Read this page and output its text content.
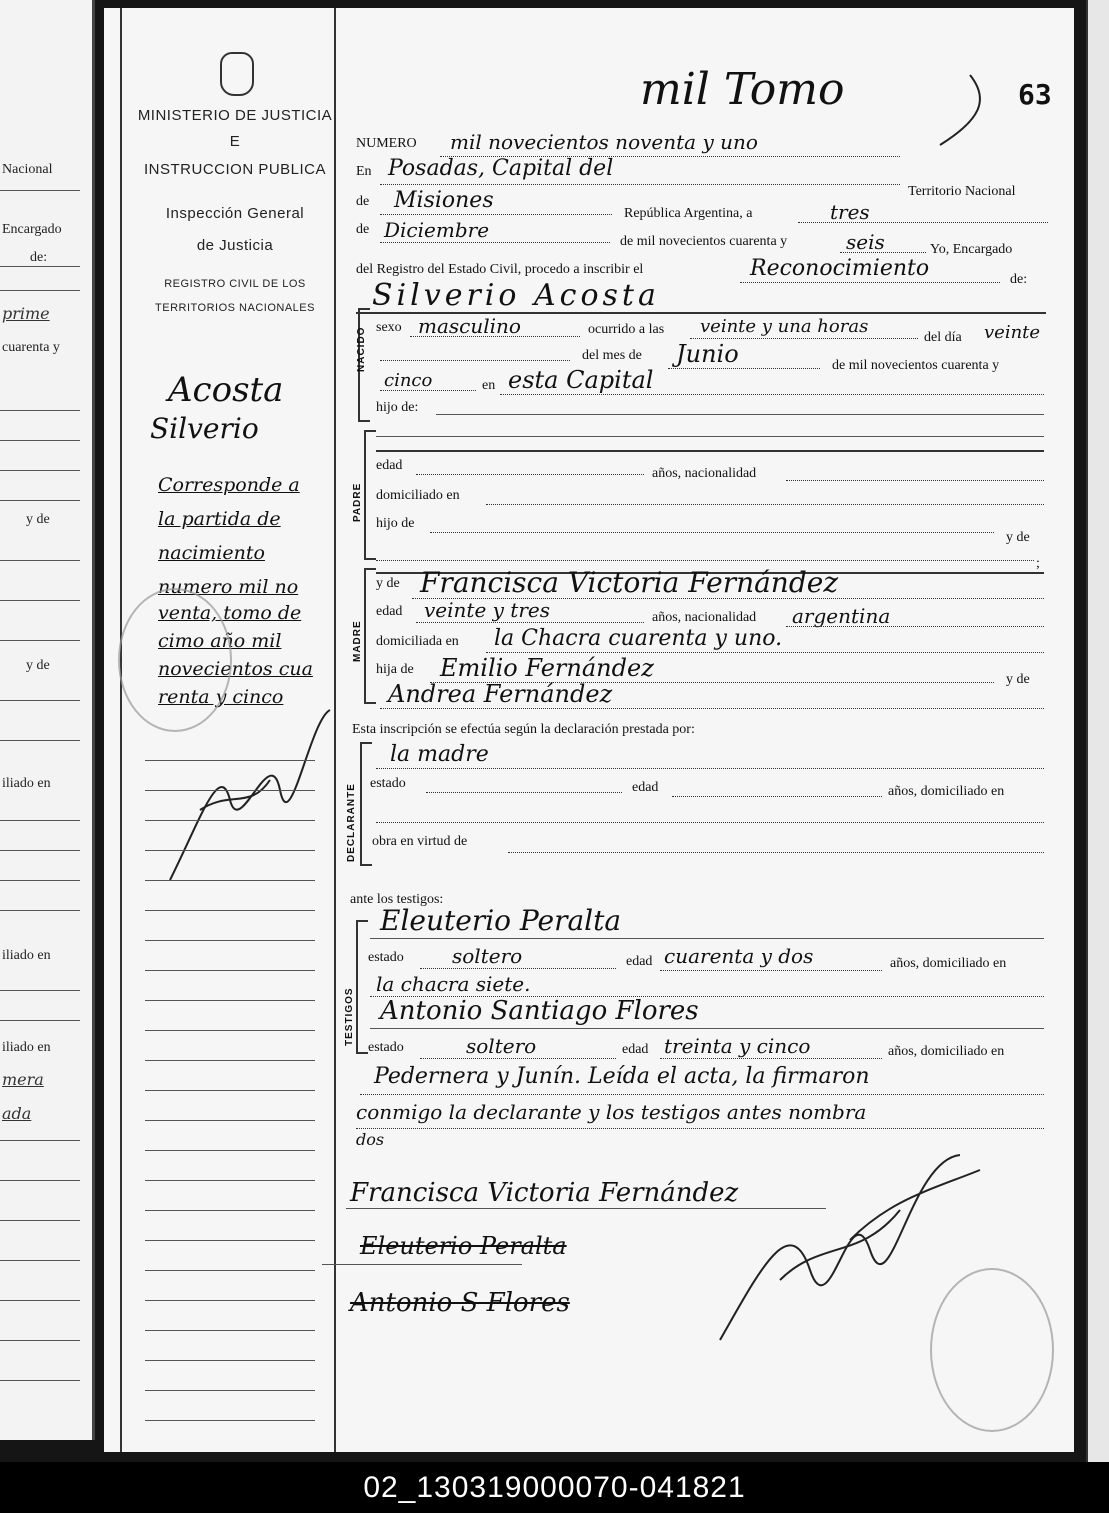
Nacional
Encargado
de:
prime
cuarenta y
y de
y de
iliado en
iliado en
iliado en
mera
ada
63
MINISTERIO DE JUSTICIA
E
INSTRUCCION PUBLICA
Inspección General
de Justicia
REGISTRO CIVIL DE LOS
TERRITORIOS NACIONALES
Acosta
Silverio
Corresponde a
la partida de
nacimiento
numero mil no
venta, tomo de
cimo año mil
novecientos cua
renta y cinco
mil Tomo
NUMERO mil novecientos noventa y uno
En Posadas, Capital del
Territorio Nacional
de Misiones
República Argentina, a	tres
de Diciembre	de mil novecientos cuarenta y	seis	Yo, Encargado
del Registro del Estado Civil, procedo a inscribir el	Reconocimiento	de:
Silverio Acosta
NACIDO sexo masculino	ocurrido a las veinte y una horas
del día veinte
del mes de Junio	de mil novecientos cuarenta y
cinco	en esta Capital
hijo de:
PADRE
edad
años, nacionalidad
domiciliado en
hijo de
y de
;
MADRE
y de Francisca Victoria Fernández
edad veinte y tres	años, nacionalidad argentina
domiciliada en la Chacra cuarenta y uno.
hija de Emilio Fernández	y de
Andrea Fernández
Esta inscripción se efectúa según la declaración prestada por:
DECLARANTE
la madre
estado	edad	años, domiciliado en
obra en virtud de
ante los testigos:
TESTIGOS
Eleuterio Peralta
estado soltero	edad cuarenta y dos	años, domiciliado en
la chacra siete.
Antonio Santiago Flores
estado	soltero	edad treinta y cinco	años, domiciliado en
Pedernera y Junín. Leída el acta, la firmaron
conmigo la declarante y los testigos antes nombra
dos
Francisca Victoria Fernández
Eleuterio Peralta
Antonio S Flores
02_130319000070-041821
